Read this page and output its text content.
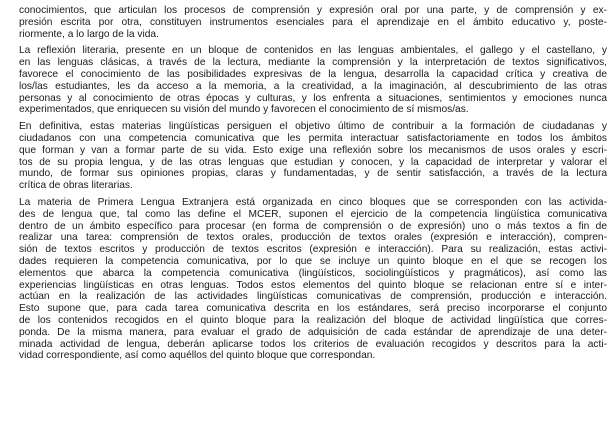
conocimientos, que articulan los procesos de comprensión y expresión oral por una parte, y de comprensión y ex-
presión escrita por otra, constituyen instrumentos esenciales para el aprendizaje en el ámbito educativo y, poste-
riormente, a lo largo de la vida.
La reflexión literaria, presente en un bloque de contenidos en las lenguas ambientales, el gallego y el castellano, y
en las lenguas clásicas, a través de la lectura, mediante la comprensión y la interpretación de textos significativos,
favorece el conocimiento de las posibilidades expresivas de la lengua, desarrolla la capacidad crítica y creativa de
los/las estudiantes, les da acceso a la memoria, a la creatividad, a la imaginación, al descubrimiento de las otras
personas y al conocimiento de otras épocas y culturas, y los enfrenta a situaciones, sentimientos y emociones nunca
experimentados, que enriquecen su visión del mundo y favorecen el conocimiento de sí mismos/as.
En definitiva, estas materias lingüísticas persiguen el objetivo último de contribuir a la formación de ciudadanas y
ciudadanos con una competencia comunicativa que les permita interactuar satisfactoriamente en todos los ámbitos
que forman y van a formar parte de su vida. Esto exige una reflexión sobre los mecanismos de usos orales y escri-
tos de su propia lengua, y de las otras lenguas que estudian y conocen, y la capacidad de interpretar y valorar el
mundo, de formar sus opiniones propias, claras y fundamentadas, y de sentir satisfacción, a través de la lectura
crítica de obras literarias.
La materia de Primera Lengua Extranjera está organizada en cinco bloques que se corresponden con las activida-
des de lengua que, tal como las define el MCER, suponen el ejercicio de la competencia lingüística comunicativa
dentro de un ámbito específico para procesar (en forma de comprensión o de expresión) uno o más textos a fin de
realizar una tarea: comprensión de textos orales, producción de textos orales (expresión e interacción), compren-
sión de textos escritos y producción de textos escritos (expresión e interacción). Para su realización, estas activi-
dades requieren la competencia comunicativa, por lo que se incluye un quinto bloque en el que se recogen los
elementos que abarca la competencia comunicativa (lingüísticos, sociolingüísticos y pragmáticos), así como las
experiencias lingüísticas en otras lenguas. Todos estos elementos del quinto bloque se relacionan entre sí e inter-
actúan en la realización de las actividades lingüísticas comunicativas de comprensión, producción e interacción.
Esto supone que, para cada tarea comunicativa descrita en los estándares, será preciso incorporarse el conjunto
de los contenidos recogidos en el quinto bloque para la realización del bloque de actividad lingüística que corres-
ponda. De la misma manera, para evaluar el grado de adquisición de cada estándar de aprendizaje de una deter-
minada actividad de lengua, deberán aplicarse todos los criterios de evaluación recogidos y descritos para la acti-
vidad correspondiente, así como aquéllos del quinto bloque que correspondan.
